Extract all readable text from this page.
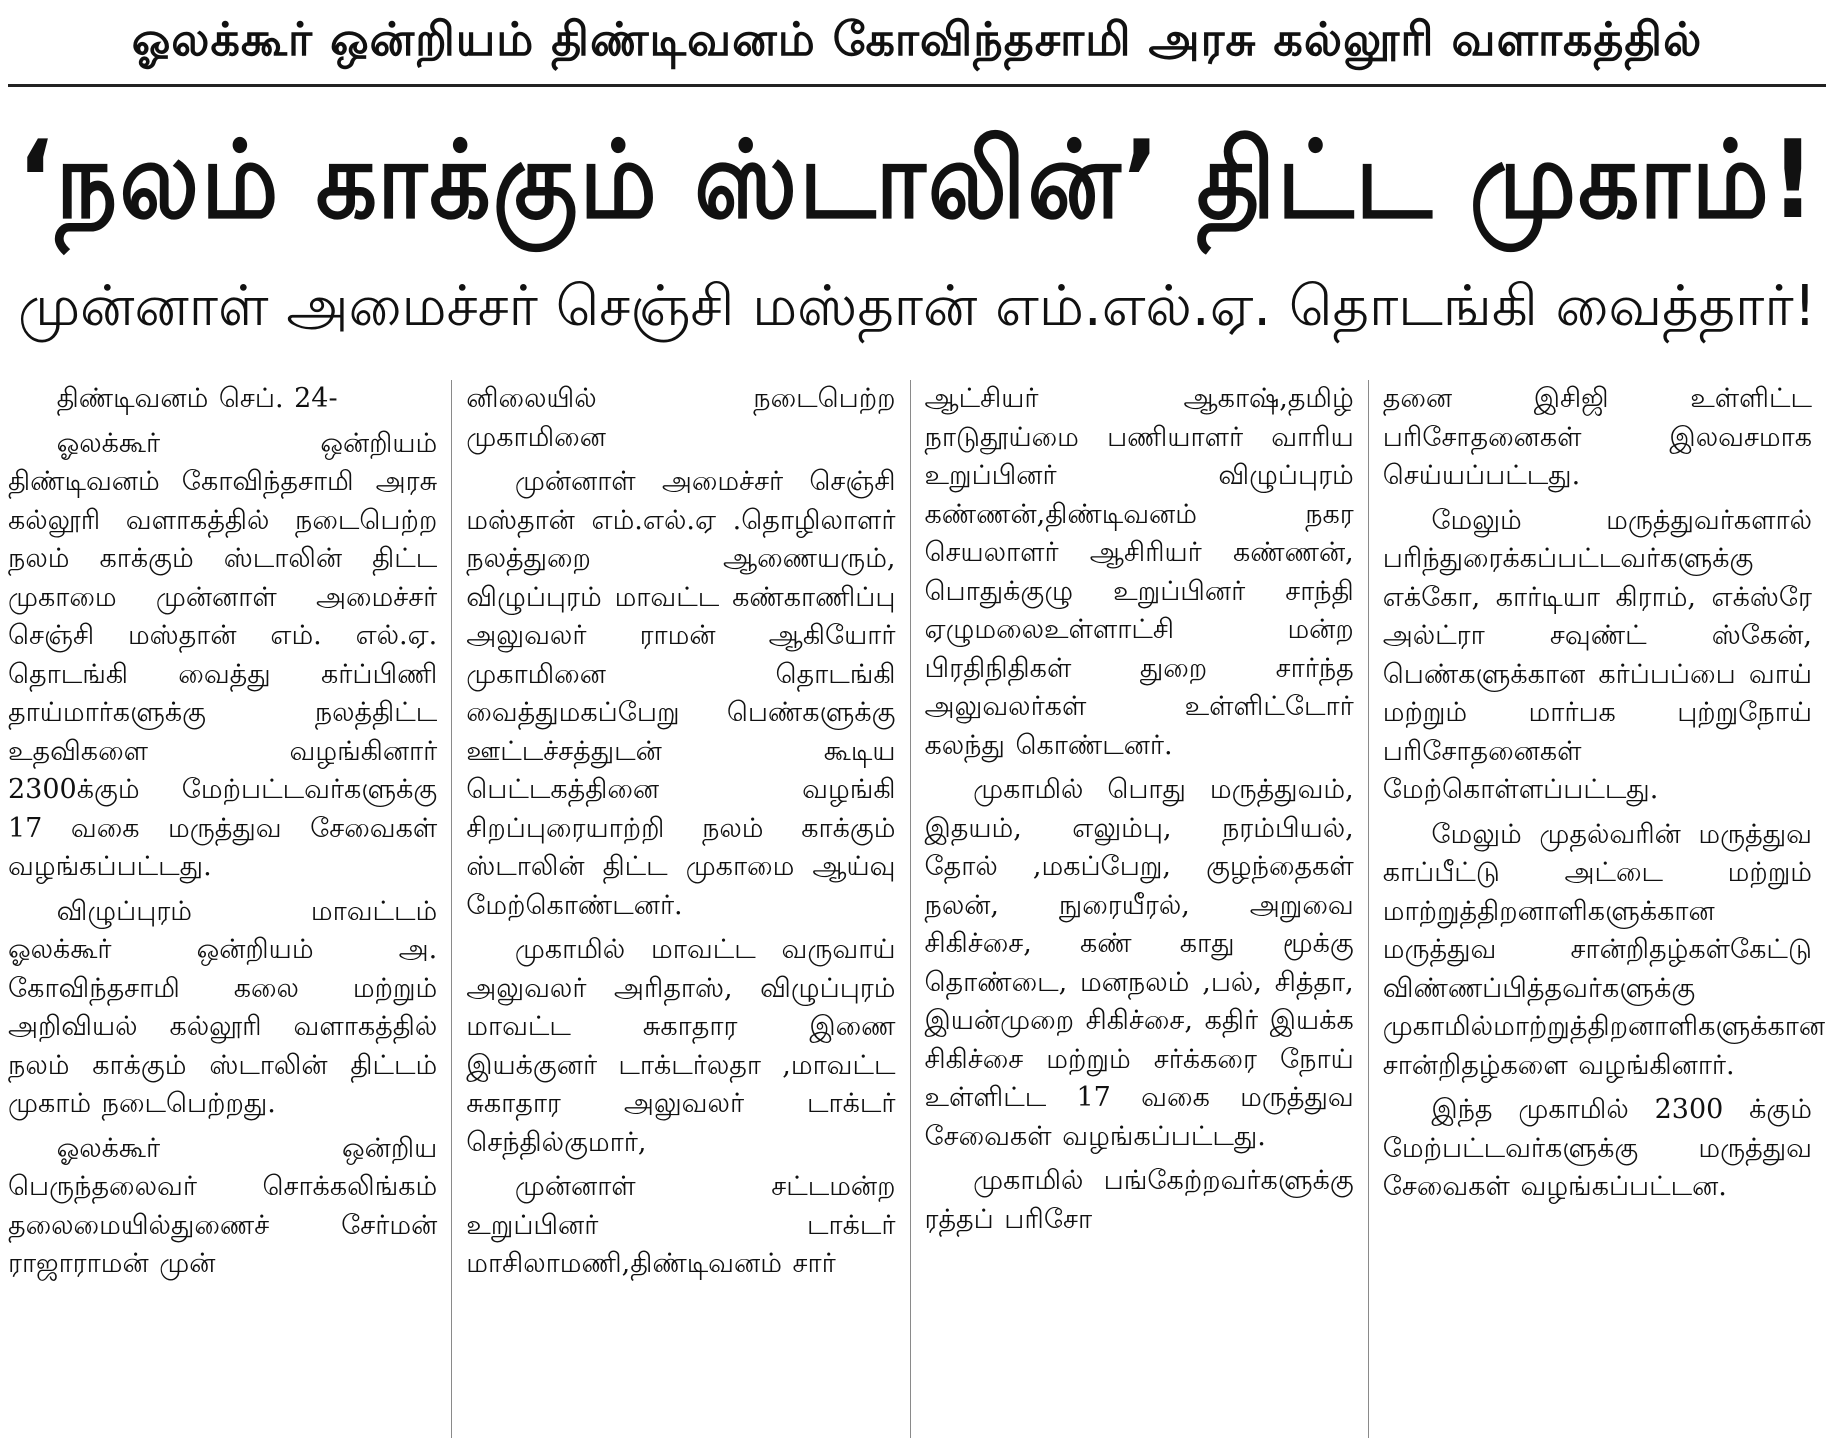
ஓலக்கூர் ஒன்றியம் திண்டிவனம் கோவிந்தசாமி அரசு கல்லூரி வளாகத்தில்
‘நலம் காக்கும் ஸ்டாலின்’ திட்ட முகாம்!
முன்னாள் அமைச்சர் செஞ்சி மஸ்தான் எம்.எல்.ஏ. தொடங்கி வைத்தார்!

திண்டிவனம் செப். 24-

ஓலக்கூர் ஒன்றியம் திண்டிவனம் கோவிந்தசாமி அரசு கல்லூரி வளாகத்தில் நடைபெற்ற நலம் காக்கும் ஸ்டாலின் திட்ட முகாமை முன்னாள் அமைச்சர் செஞ்சி மஸ்தான் எம். எல்.ஏ. தொடங்கி வைத்து கர்ப்பிணி தாய்மார்களுக்கு நலத்திட்ட உதவிகளை வழங்கினார் 2300க்கும் மேற்பட்டவர்களுக்கு 17 வகை மருத்துவ சேவைகள் வழங்கப்பட்டது.

விழுப்புரம் மாவட்டம் ஓலக்கூர் ஒன்றியம் அ. கோவிந்தசாமி கலை மற்றும் அறிவியல் கல்லூரி வளாகத்தில் நலம் காக்கும் ஸ்டாலின் திட்டம் முகாம் நடைபெற்றது.

ஓலக்கூர் ஒன்றிய பெருந்தலைவர் சொக்கலிங்கம் தலைமையில்துணைச் சேர்மன் ராஜாராமன் முன்

னிலையில் நடைபெற்ற முகாமினை

முன்னாள் அமைச்சர் செஞ்சி மஸ்தான் எம்.எல்.ஏ .தொழிலாளர் நலத்துறை ஆணையரும், விழுப்புரம் மாவட்ட கண்காணிப்பு அலுவலர் ராமன் ஆகியோர் முகாமினை தொடங்கி வைத்துமகப்பேறு பெண்களுக்கு ஊட்டச்சத்துடன் கூடிய பெட்டகத்தினை வழங்கி சிறப்புரையாற்றி நலம் காக்கும் ஸ்டாலின் திட்ட முகாமை ஆய்வு மேற்கொண்டனர்.

முகாமில் மாவட்ட வருவாய் அலுவலர் அரிதாஸ், விழுப்புரம் மாவட்ட சுகாதார இணை இயக்குனர் டாக்டர்லதா ,மாவட்ட சுகாதார அலுவலர் டாக்டர் செந்தில்குமார்,

முன்னாள் சட்டமன்ற உறுப்பினர் டாக்டர் மாசிலாமணி,திண்டிவனம் சார்

ஆட்சியர் ஆகாஷ்,தமிழ் நாடுதூய்மை பணியாளர் வாரிய உறுப்பினர் விழுப்புரம் கண்ணன்,திண்டிவனம் நகர செயலாளர் ஆசிரியர் கண்ணன், பொதுக்குழு உறுப்பினர் சாந்தி ஏழுமலைஉள்ளாட்சி மன்ற பிரதிநிதிகள் துறை சார்ந்த அலுவலர்கள் உள்ளிட்டோர் கலந்து கொண்டனர்.

முகாமில் பொது மருத்துவம், இதயம், எலும்பு, நரம்பியல், தோல் ,மகப்பேறு, குழந்தைகள் நலன், நுரையீரல், அறுவை சிகிச்சை, கண் காது மூக்கு தொண்டை, மனநலம் ,பல், சித்தா, இயன்முறை சிகிச்சை, கதிர் இயக்க சிகிச்சை மற்றும் சர்க்கரை நோய் உள்ளிட்ட 17 வகை மருத்துவ சேவைகள் வழங்கப்பட்டது.

முகாமில் பங்கேற்றவர்களுக்கு ரத்தப் பரிசோ

தனை இசிஜி உள்ளிட்ட பரிசோதனைகள் இலவசமாக செய்யப்பட்டது.

மேலும் மருத்துவர்களால் பரிந்துரைக்கப்பட்டவர்களுக்கு எக்கோ, கார்டியா கிராம், எக்ஸ்ரே அல்ட்ரா சவுண்ட் ஸ்கேன், பெண்களுக்கான கர்ப்பப்பை வாய் மற்றும் மார்பக புற்றுநோய் பரிசோதனைகள் மேற்கொள்ளப்பட்டது.

மேலும் முதல்வரின் மருத்துவ காப்பீட்டு அட்டை மற்றும் மாற்றுத்திறனாளிகளுக்கான மருத்துவ சான்றிதழ்கள்கேட்டு விண்ணப்பித்தவர்களுக்கு முகாமில்மாற்றுத்திறனாளிகளுக்கான சான்றிதழ்களை வழங்கினார்.

இந்த முகாமில் 2300 க்கும் மேற்பட்டவர்களுக்கு மருத்துவ சேவைகள் வழங்கப்பட்டன.
